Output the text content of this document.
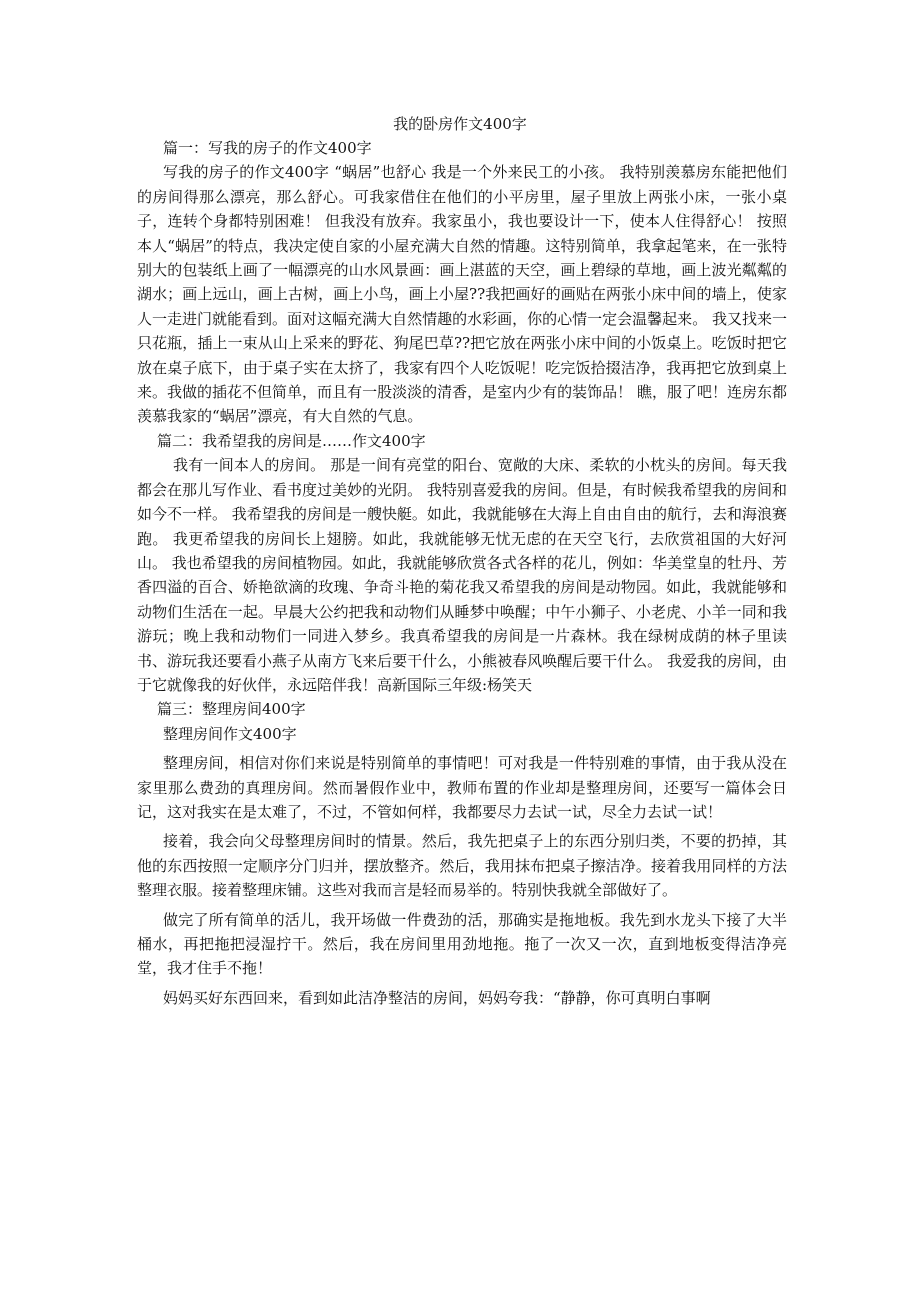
我的卧房作文400字

篇一：写我的房子的作文400字

写我的房子的作文400字 “蜗居”也舒心 我是一个外来民工的小孩。 我特别羡慕房东能把他们的房间得那么漂亮，那么舒心。可我家借住在他们的小平房里，屋子里放上两张小床，一张小桌子，连转个身都特别困难！ 但我没有放弃。我家虽小，我也要设计一下，使本人住得舒心！ 按照本人“蜗居”的特点，我决定使自家的小屋充满大自然的情趣。这特别简单，我拿起笔来，在一张特别大的包装纸上画了一幅漂亮的山水风景画：画上湛蓝的天空，画上碧绿的草地，画上波光粼粼的湖水；画上远山，画上古树，画上小鸟，画上小屋??我把画好的画贴在两张小床中间的墙上，使家人一走进门就能看到。面对这幅充满大自然情趣的水彩画，你的心情一定会温馨起来。 我又找来一只花瓶，插上一束从山上采来的野花、狗尾巴草??把它放在两张小床中间的小饭桌上。吃饭时把它放在桌子底下，由于桌子实在太挤了，我家有四个人吃饭呢！吃完饭拾掇洁净，我再把它放到桌上来。我做的插花不但简单，而且有一股淡淡的清香，是室内少有的装饰品！ 瞧，服了吧！连房东都羡慕我家的“蜗居”漂亮，有大自然的气息。

篇二：我希望我的房间是……作文400字

我有一间本人的房间。 那是一间有亮堂的阳台、宽敞的大床、柔软的小枕头的房间。每天我都会在那儿写作业、看书度过美妙的光阴。 我特别喜爱我的房间。但是，有时候我希望我的房间和如今不一样。 我希望我的房间是一艘快艇。如此，我就能够在大海上自由自由的航行，去和海浪赛跑。 我更希望我的房间长上翅膀。如此，我就能够无忧无虑的在天空飞行，去欣赏祖国的大好河山。 我也希望我的房间植物园。如此，我就能够欣赏各式各样的花儿，例如：华美堂皇的牡丹、芳香四溢的百合、娇艳欲滴的玫瑰、争奇斗艳的菊花我又希望我的房间是动物园。如此，我就能够和动物们生活在一起。早晨大公约把我和动物们从睡梦中唤醒；中午小狮子、小老虎、小羊一同和我游玩；晚上我和动物们一同进入梦乡。我真希望我的房间是一片森林。我在绿树成荫的林子里读书、游玩我还要看小燕子从南方飞来后要干什么，小熊被春风唤醒后要干什么。 我爱我的房间，由于它就像我的好伙伴，永远陪伴我！高新国际三年级:杨笑天

篇三：整理房间400字

整理房间作文400字

整理房间，相信对你们来说是特别简单的事情吧！可对我是一件特别难的事情，由于我从没在家里那么费劲的真理房间。然而暑假作业中，教师布置的作业却是整理房间，还要写一篇体会日记，这对我实在是太难了，不过，不管如何样，我都要尽力去试一试，尽全力去试一试！

接着，我会向父母整理房间时的情景。然后，我先把桌子上的东西分别归类，不要的扔掉，其他的东西按照一定顺序分门归并，摆放整齐。然后，我用抹布把桌子擦洁净。接着我用同样的方法整理衣服。接着整理床铺。这些对我而言是轻而易举的。特别快我就全部做好了。

做完了所有简单的活儿，我开场做一件费劲的活，那确实是拖地板。我先到水龙头下接了大半桶水，再把拖把浸湿拧干。然后，我在房间里用劲地拖。拖了一次又一次，直到地板变得洁净亮堂，我才住手不拖！

妈妈买好东西回来，看到如此洁净整洁的房间，妈妈夸我：“静静，你可真明白事啊
